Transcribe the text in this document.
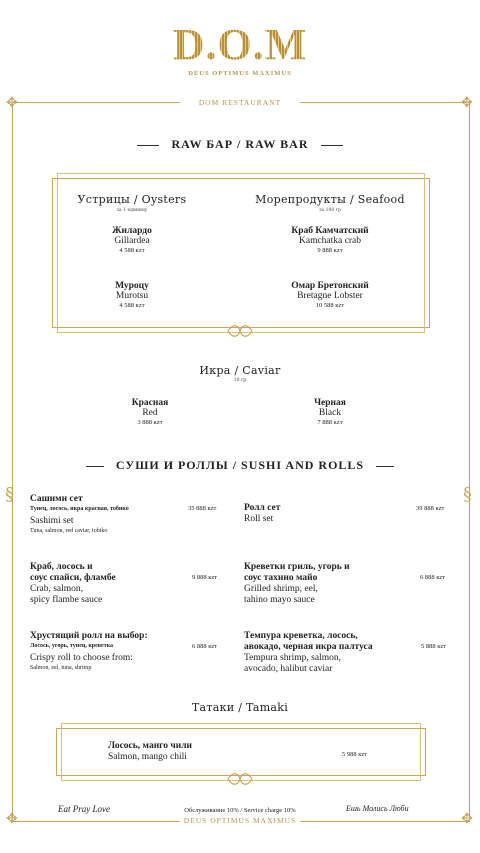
✥	✥
✥	✥
§	§
D.O.M
DEUS OPTIMUS MAXIMUS
DOM RESTAURANT
RAW БАР / RAW BAR
Устрицы / Oysters
за 1 единицу
Морепродукты / Seafood
за 100 гр
Жилардо
Gillardea
4 588 кzт
Муроцу
Murotsu
4 588 кzт
Краб Камчатский
Kamchatka crab
9 888 кzт
Омар Бретонский
Bretagne Lobster
10 588 кzт
Икра / Caviar
10 гр
Красная
Red
3 888 кzт
Черная
Black
7 888 кzт
СУШИ И РОЛЛЫ / SUSHI AND ROLLS
Сашими сет
Тунец, лосось, икра красная, тобико
Sashimi set
Tuna, salmon, red caviar, tobiko
35 888 кzт	Ролл сет
Roll set
39 888 кzт
Краб, лосось и
соус спайси, фламбе
Crab, salmon,
spicy flambe sauce
9 888 кzт
Креветки гриль, угорь и
соус тахино майо
Grilled shrimp, eel,
tahino mayo sauce
6 888 кzт
Хрустящий ролл на выбор:
Лосось, угорь, тунец, креветка
Crispy roll to choose from:
Salmon, eel, tuna, shrimp
6 888 кzт
Темпура креветка, лосось,
авокадо, черная икра палтуса
Tempura shrimp, salmon,
avocado, halibut caviar
5 888 кzт
Татаки / Tamaki
Лосось, манго чили
Salmon, mango chili	5 988 кzт
Eat Pray Love	Обслуживание 10% / Service charge 10%	Ешь Молись Люби
DEUS OPTIMUS MAXIMUS
